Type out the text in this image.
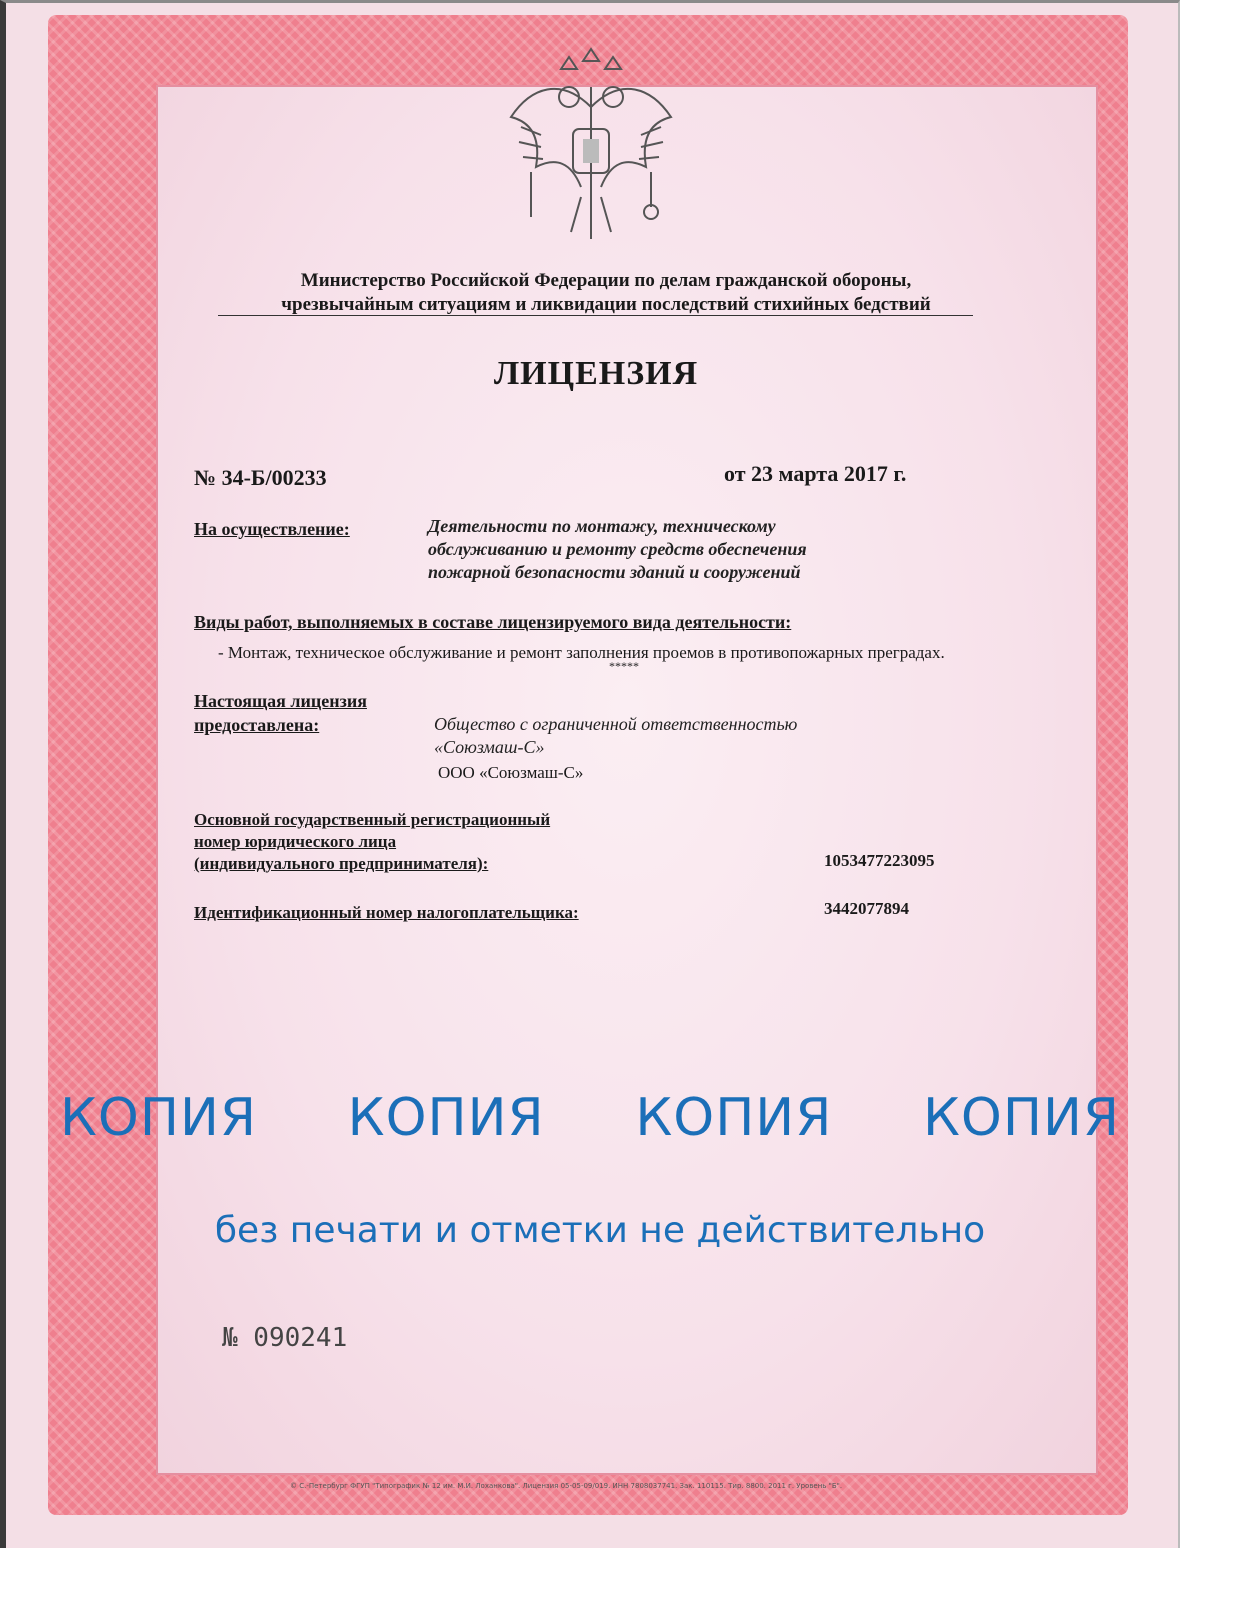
Министерство Российской Федерации по делам гражданской обороны,
чрезвычайным ситуациям и ликвидации последствий стихийных бедствий
ЛИЦЕНЗИЯ
№ 34-Б/00233	от 23 марта 2017 г.
На осуществление:	Деятельности по монтажу, техническому
обслуживанию и ремонту средств обеспечения
пожарной безопасности зданий и сооружений
Виды работ, выполняемых в составе лицензируемого вида деятельности:
- Монтаж, техническое обслуживание и ремонт заполнения проемов в противопожарных преградах.
*****
Настоящая лицензия
предоставлена:	Общество с ограниченной ответственностью
«Союзмаш-С»
ООО «Союзмаш-С»
Основной государственный регистрационный
номер юридического лица
(индивидуального предпринимателя):	1053477223095
Идентификационный номер налогоплательщика:	3442077894
КОПИЯ КОПИЯ КОПИЯ КОПИЯ
без печати и отметки не действительно
№ 090241
© С.-Петербург ФГУП "Типографик № 12 им. М.И. Лоханкова". Лицензия 05-05-09/019. ИНН 7808037741. Зак. 110115. Тир. 8800. 2011 г. Уровень "Б".
